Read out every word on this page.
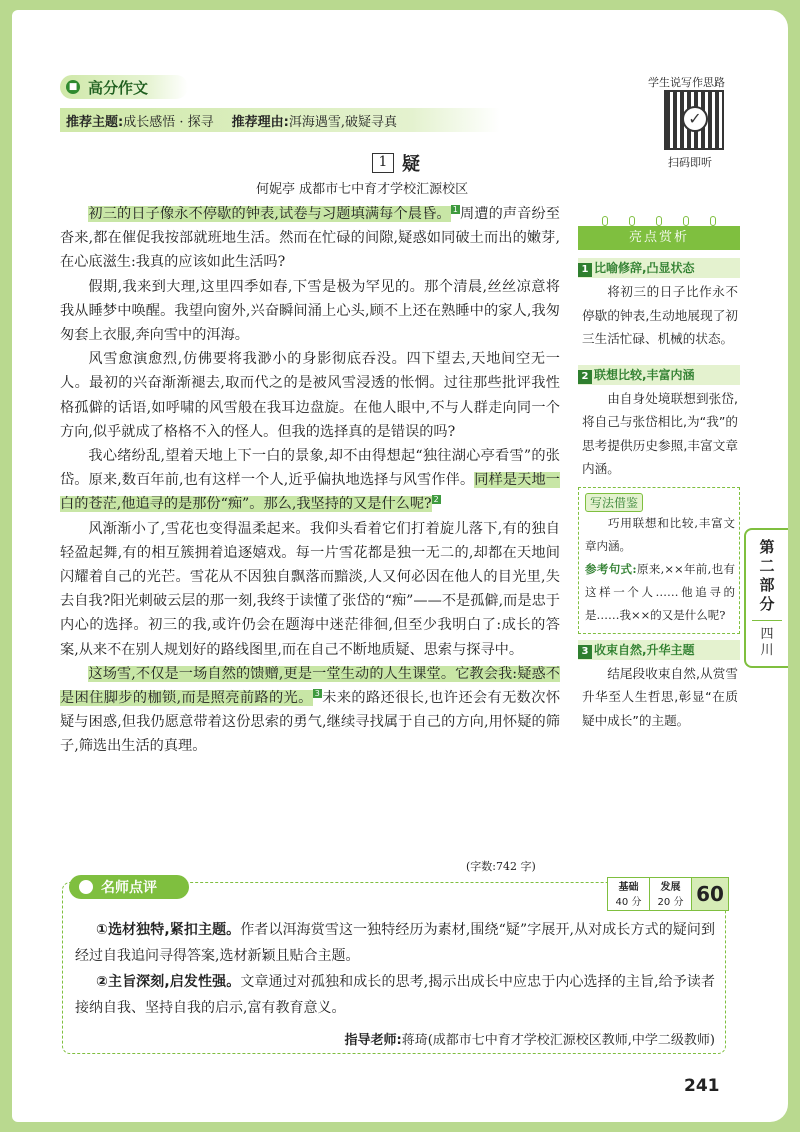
第二部分
四川
■ 高分作文
推荐主题: 成长感悟 · 探寻 推荐理由: 洱海遇雪,破疑寻真
学生说写作思路
✓
扫码即听
1 疑
何妮亭 成都市七中育才学校汇源校区

初三的日子像永不停歇的钟表,试卷与习题填满每个晨昏。 1 周遭的声音纷至沓来,都在催促我按部就班地生活。然而在忙碌的间隙,疑惑如同破土而出的嫩芽,在心底滋生:我真的应该如此生活吗?

假期,我来到大理,这里四季如春,下雪是极为罕见的。那个清晨,丝丝凉意将我从睡梦中唤醒。我望向窗外,兴奋瞬间涌上心头,顾不上还在熟睡中的家人,我匆匆套上衣服,奔向雪中的洱海。

风雪愈演愈烈,仿佛要将我渺小的身影彻底吞没。四下望去,天地间空无一人。最初的兴奋渐渐褪去,取而代之的是被风雪浸透的怅惘。过往那些批评我性格孤僻的话语,如呼啸的风雪般在我耳边盘旋。在他人眼中,不与人群走向同一个方向,似乎就成了格格不入的怪人。但我的选择真的是错误的吗?

我心绪纷乱,望着天地上下一白的景象,却不由得想起“独往湖心亭看雪”的张岱。原来,数百年前,也有这样一个人,近乎偏执地选择与风雪作伴。同样是天地一白的苍茫,他追寻的是那份“痴”。那么,我坚持的又是什么呢? 2

风渐渐小了,雪花也变得温柔起来。我仰头看着它们打着旋儿落下,有的独自轻盈起舞,有的相互簇拥着追逐嬉戏。每一片雪花都是独一无二的,却都在天地间闪耀着自己的光芒。雪花从不因独自飘落而黯淡,人又何必因在他人的目光里,失去自我?阳光刺破云层的那一刻,我终于读懂了张岱的“痴”——不是孤僻,而是忠于内心的选择。初三的我,或许仍会在题海中迷茫徘徊,但至少我明白了:成长的答案,从来不在别人规划好的路线图里,而在自己不断地质疑、思索与探寻中。

这场雪,不仅是一场自然的馈赠,更是一堂生动的人生课堂。它教会我:疑惑不是困住脚步的枷锁,而是照亮前路的光。 3 未来的路还很长,也许还会有无数次怀疑与困惑,但我仍愿意带着这份思索的勇气,继续寻找属于自己的方向,用怀疑的筛子,筛选出生活的真理。

(字数:742 字)
亮点赏析
1 比喻修辞,凸显状态
将初三的日子比作永不停歇的钟表,生动地展现了初三生活忙碌、机械的状态。
2 联想比较,丰富内涵
由自身处境联想到张岱,将自己与张岱相比,为“我”的思考提供历史参照,丰富文章内涵。
写法借鉴

巧用联想和比较,丰富文章内涵。

参考句式:原来,××年前,也有这样一个人……他追寻的是……我××的又是什么呢?

3 收束自然,升华主题
结尾段收束自然,从赏雪升华至人生哲思,彰显“在质疑中成长”的主题。
名师点评	基础
40 分
发展
20 分 60

①选材独特,紧扣主题。作者以洱海赏雪这一独特经历为素材,围绕“疑”字展开,从对成长方式的疑问到经过自我追问寻得答案,选材新颖且贴合主题。

②主旨深刻,启发性强。文章通过对孤独和成长的思考,揭示出成长中应忠于内心选择的主旨,给予读者接纳自我、坚持自我的启示,富有教育意义。

指导老师:蒋琦(成都市七中育才学校汇源校区教师,中学二级教师)
241
